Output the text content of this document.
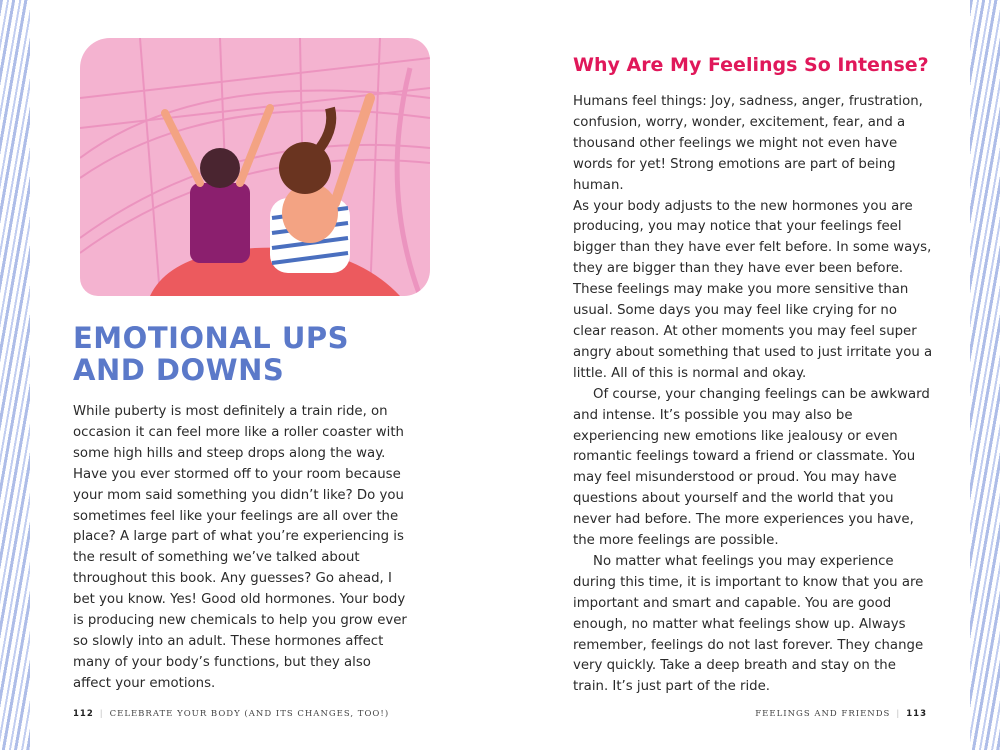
EMOTIONAL UPS
AND DOWNS

While puberty is most definitely a train ride, on occasion it can feel more like a roller coaster with some high hills and steep drops along the way. Have you ever stormed off to your room because your mom said something you didn’t like? Do you sometimes feel like your feelings are all over the place? A large part of what you’re experiencing is the result of something we’ve talked about throughout this book. Any guesses? Go ahead, I bet you know. Yes! Good old hormones. Your body is producing new chemicals to help you grow ever so slowly into an adult. These hormones affect many of your body’s functions, but they also affect your emotions.

Why Are My Feelings So Intense?

Humans feel things: Joy, sadness, anger, frustration, confusion, worry, wonder, excitement, fear, and a thousand other feelings we might not even have words for yet! Strong emotions are part of being human.

As your body adjusts to the new hormones you are producing, you may notice that your feelings feel bigger than they have ever felt before. In some ways, they are bigger than they have ever been before. These feelings may make you more sensitive than usual. Some days you may feel like crying for no clear reason. At other moments you may feel super angry about something that used to just irritate you a little. All of this is normal and okay.

Of course, your changing feelings can be awkward and intense. It’s possible you may also be experiencing new emotions like jealousy or even romantic feelings toward a friend or classmate. You may feel misunderstood or proud. You may have questions about yourself and the world that you never had before. The more experiences you have, the more feelings are possible.

No matter what feelings you may experience during this time, it is important to know that you are important and smart and capable. You are good enough, no matter what feelings show up. Always remember, feelings do not last forever. They change very quickly. Take a deep breath and stay on the train. It’s just part of the ride.

112 | CELEBRATE YOUR BODY (AND ITS CHANGES, TOO!)	FEELINGS AND FRIENDS | 113
